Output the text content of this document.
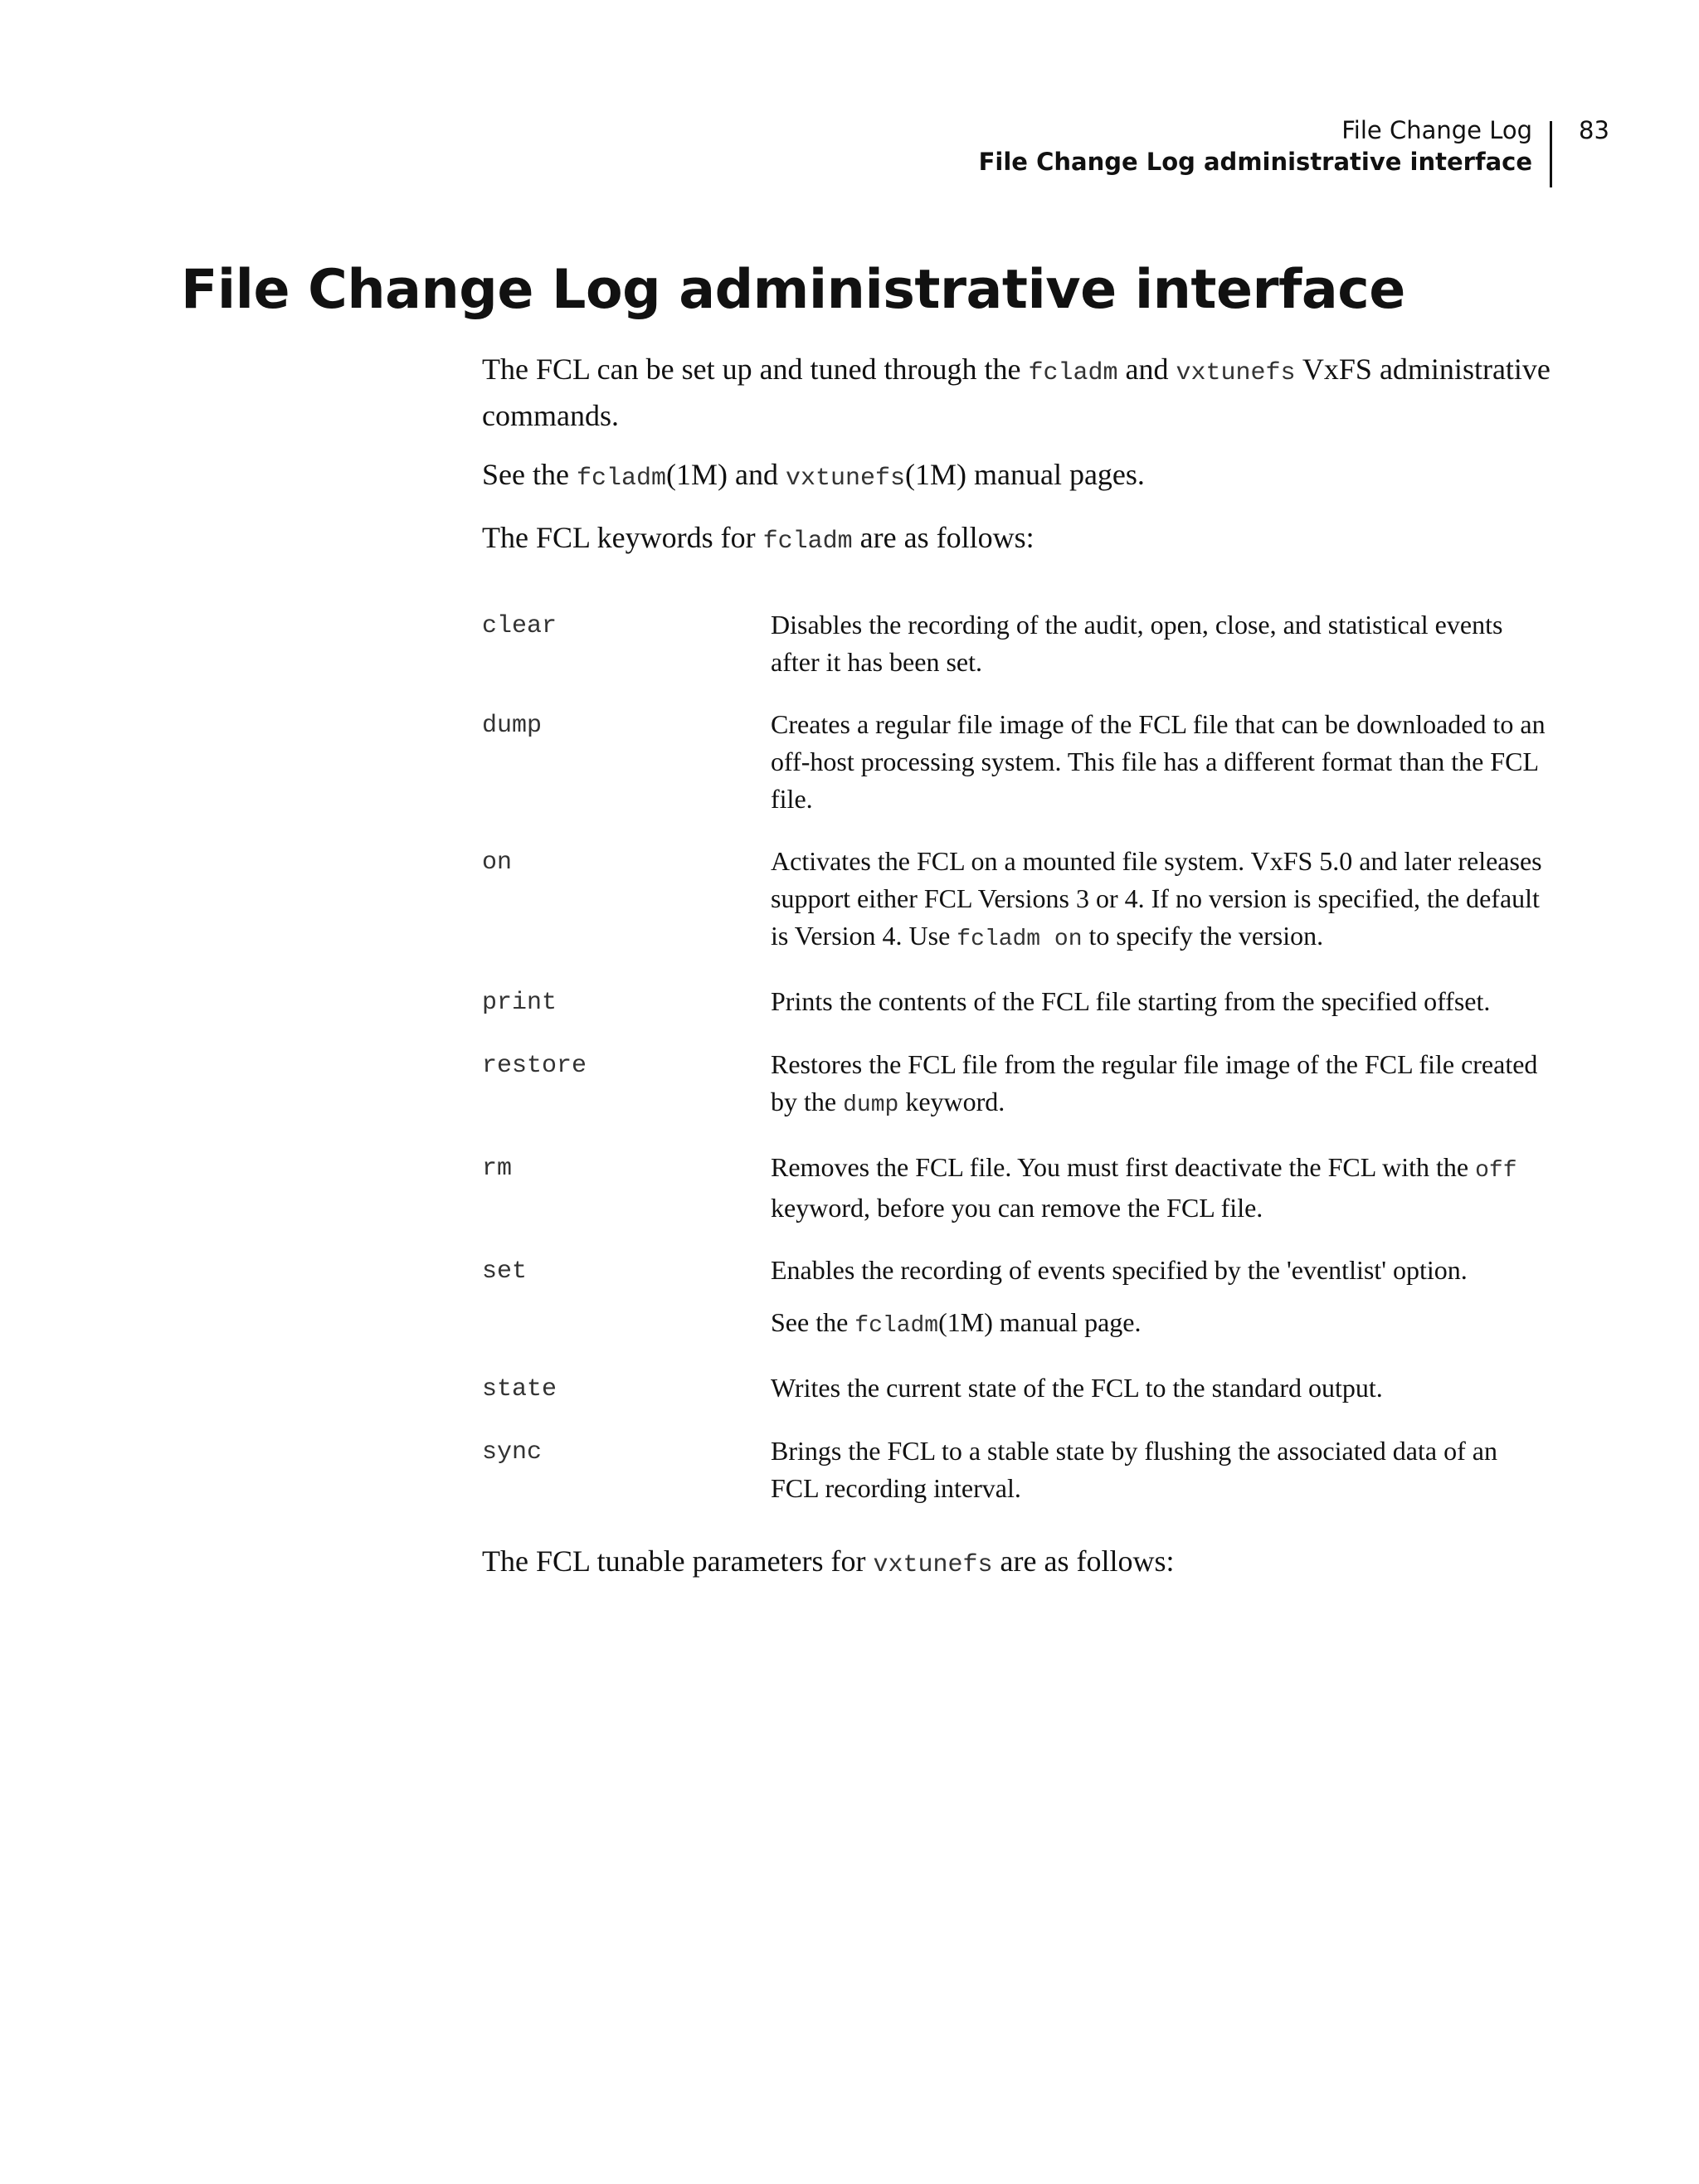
File Change Log
File Change Log administrative interface
83
File Change Log administrative interface

The FCL can be set up and tuned through the fcladm and vxtunefs VxFS administrative commands.

See the fcladm(1M) and vxtunefs(1M) manual pages.

The FCL keywords for fcladm are as follows:

clear	Disables the recording of the audit, open, close, and statistical events after it has been set.

dump	Creates a regular file image of the FCL file that can be downloaded to an off-host processing system. This file has a different format than the FCL file.

on	Activates the FCL on a mounted file system. VxFS 5.0 and later releases support either FCL Versions 3 or 4. If no version is specified, the default is Version 4. Use fcladm on to specify the version.

print	Prints the contents of the FCL file starting from the specified offset.

restore	Restores the FCL file from the regular file image of the FCL file created by the dump keyword.

rm	Removes the FCL file. You must first deactivate the FCL with the off keyword, before you can remove the FCL file.

set	Enables the recording of events specified by the 'eventlist' option.

See the fcladm(1M) manual page.

state	Writes the current state of the FCL to the standard output.

sync	Brings the FCL to a stable state by flushing the associated data of an FCL recording interval.

The FCL tunable parameters for vxtunefs are as follows:
